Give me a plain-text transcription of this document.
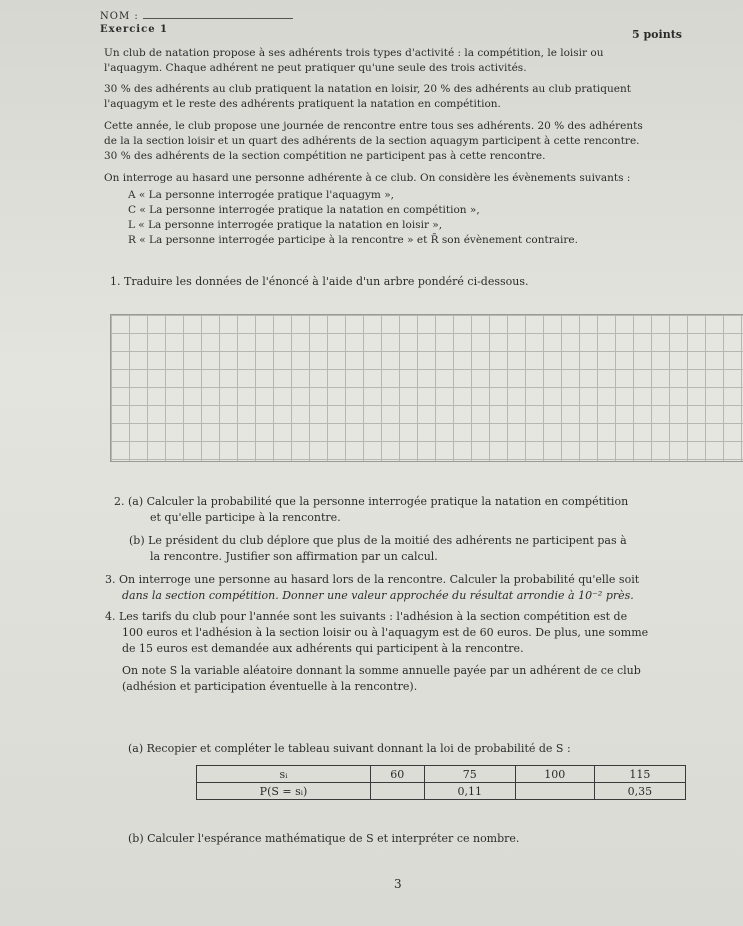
NOM :
Exercice 1	5 points
Un club de natation propose à ses adhérents trois types d'activité : la compétition, le loisir ou
l'aquagym. Chaque adhérent ne peut pratiquer qu'une seule des trois activités.
30 % des adhérents au club pratiquent la natation en loisir, 20 % des adhérents au club pratiquent
l'aquagym et le reste des adhérents pratiquent la natation en compétition.
Cette année, le club propose une journée de rencontre entre tous ses adhérents. 20 % des adhérents
de la la section loisir et un quart des adhérents de la section aquagym participent à cette rencontre.
30 % des adhérents de la section compétition ne participent pas à cette rencontre.
On interroge au hasard une personne adhérente à ce club. On considère les évènements suivants :
A « La personne interrogée pratique l'aquagym »,
C « La personne interrogée pratique la natation en compétition »,
L « La personne interrogée pratique la natation en loisir »,
R « La personne interrogée participe à la rencontre » et R̄ son évènement contraire.
1. Traduire les données de l'énoncé à l'aide d'un arbre pondéré ci-dessous.
2. (a) Calculer la probabilité que la personne interrogée pratique la natation en compétition
et qu'elle participe à la rencontre.
(b) Le président du club déplore que plus de la moitié des adhérents ne participent pas à
la rencontre. Justifier son affirmation par un calcul.
3. On interroge une personne au hasard lors de la rencontre. Calculer la probabilité qu'elle soit
dans la section compétition. Donner une valeur approchée du résultat arrondie à 10⁻² près.
4. Les tarifs du club pour l'année sont les suivants : l'adhésion à la section compétition est de
100 euros et l'adhésion à la section loisir ou à l'aquagym est de 60 euros. De plus, une somme
de 15 euros est demandée aux adhérents qui participent à la rencontre.
On note S la variable aléatoire donnant la somme annuelle payée par un adhérent de ce club
(adhésion et participation éventuelle à la rencontre).
(a) Recopier et compléter le tableau suivant donnant la loi de probabilité de S :
sᵢ	60	75	100	115
P(S = sᵢ)		0,11		0,35
(b) Calculer l'espérance mathématique de S et interpréter ce nombre.
3
